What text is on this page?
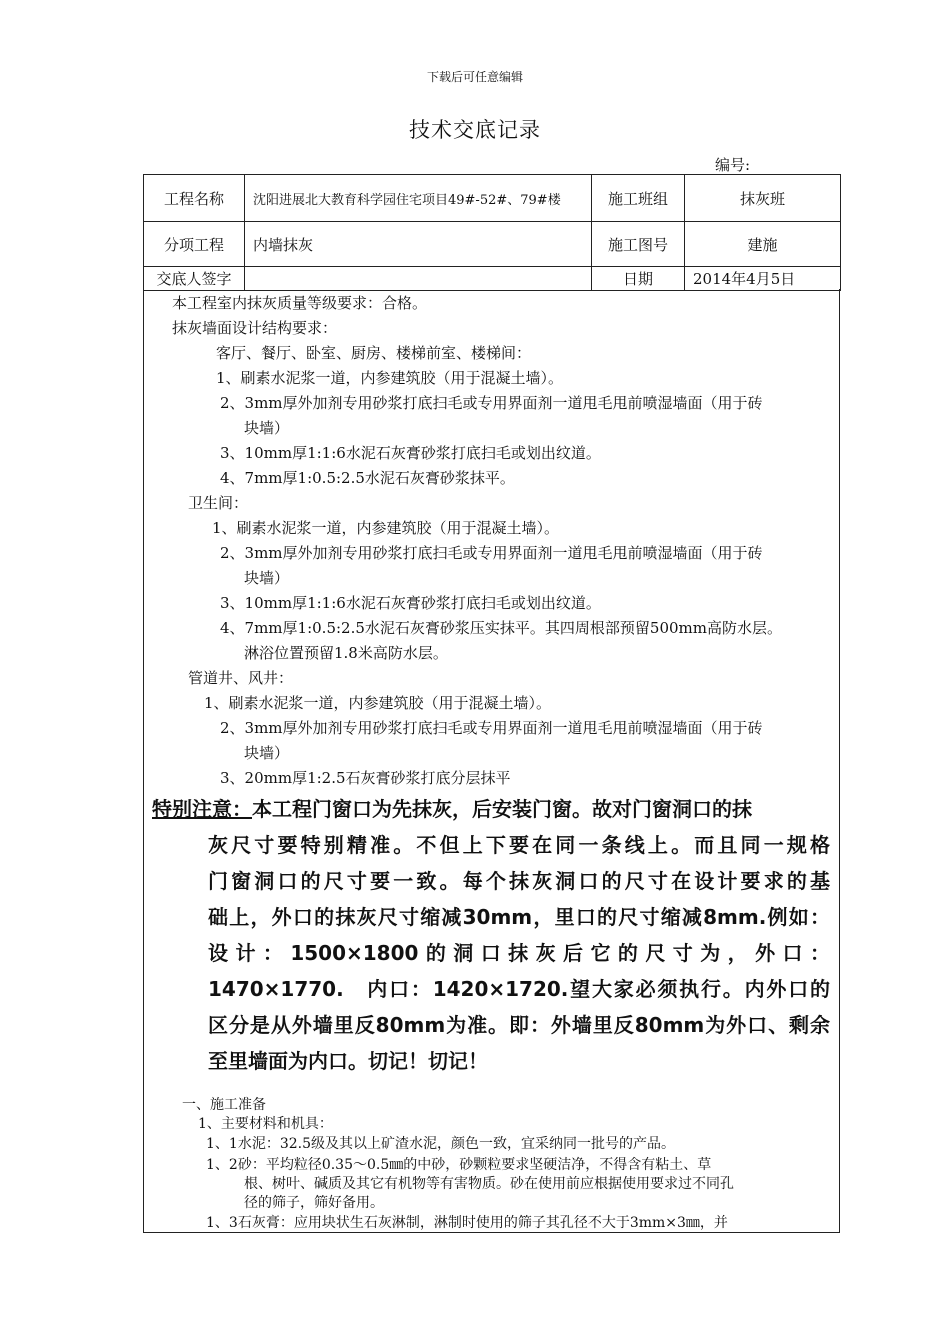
下载后可任意编辑
技术交底记录
编号:
工程名称	沈阳进展北大教育科学园住宅项目49#-52#、79#楼	施工班组	抹灰班
分项工程	内墙抹灰	施工图号	建施
交底人签字		日期	2014年4月5日
本工程室内抹灰质量等级要求：合格。
抹灰墙面设计结构要求：
客厅、餐厅、卧室、厨房、楼梯前室、楼梯间：
1、刷素水泥浆一道，内参建筑胶（用于混凝土墙）。
2、3mm厚外加剂专用砂浆打底扫毛或专用界面剂一道甩毛甩前喷湿墙面（用于砖
块墙）
3、10mm厚1:1:6水泥石灰膏砂浆打底扫毛或划出纹道。
4、7mm厚1:0.5:2.5水泥石灰膏砂浆抹平。
卫生间：
1、刷素水泥浆一道，内参建筑胶（用于混凝土墙）。
2、3mm厚外加剂专用砂浆打底扫毛或专用界面剂一道甩毛甩前喷湿墙面（用于砖
块墙）
3、10mm厚1:1:6水泥石灰膏砂浆打底扫毛或划出纹道。
4、7mm厚1:0.5:2.5水泥石灰膏砂浆压实抹平。其四周根部预留500mm高防水层。
淋浴位置预留1.8米高防水层。
管道井、风井：
1、刷素水泥浆一道，内参建筑胶（用于混凝土墙）。
2、3mm厚外加剂专用砂浆打底扫毛或专用界面剂一道甩毛甩前喷湿墙面（用于砖
块墙）
3、20mm厚1:2.5石灰膏砂浆打底分层抹平
特别注意：本工程门窗口为先抹灰，后安装门窗。故对门窗洞口的抹
灰尺寸要特别精准。不但上下要在同一条线上。而且同一规格
门窗洞口的尺寸要一致。每个抹灰洞口的尺寸在设计要求的基
础上，外口的抹灰尺寸缩减30mm，里口的尺寸缩减8mm.例如：
设计：1500×1800的洞口抹灰后它的尺寸为，外口：
1470×1770.　内口：1420×1720.望大家必须执行。内外口的
区分是从外墙里反80mm为准。即：外墙里反80mm为外口、剩余
至里墙面为内口。切记！切记！
一、施工准备
1、主要材料和机具：
1、1水泥：32.5级及其以上矿渣水泥，颜色一致，宜采纳同一批号的产品。
1、2砂：平均粒径0.35～0.5㎜的中砂，砂颗粒要求坚硬洁净，不得含有粘土、草
根、树叶、碱质及其它有机物等有害物质。砂在使用前应根据使用要求过不同孔
径的筛子，筛好备用。
1、3石灰膏：应用块状生石灰淋制，淋制时使用的筛子其孔径不大于3mm×3㎜，并
